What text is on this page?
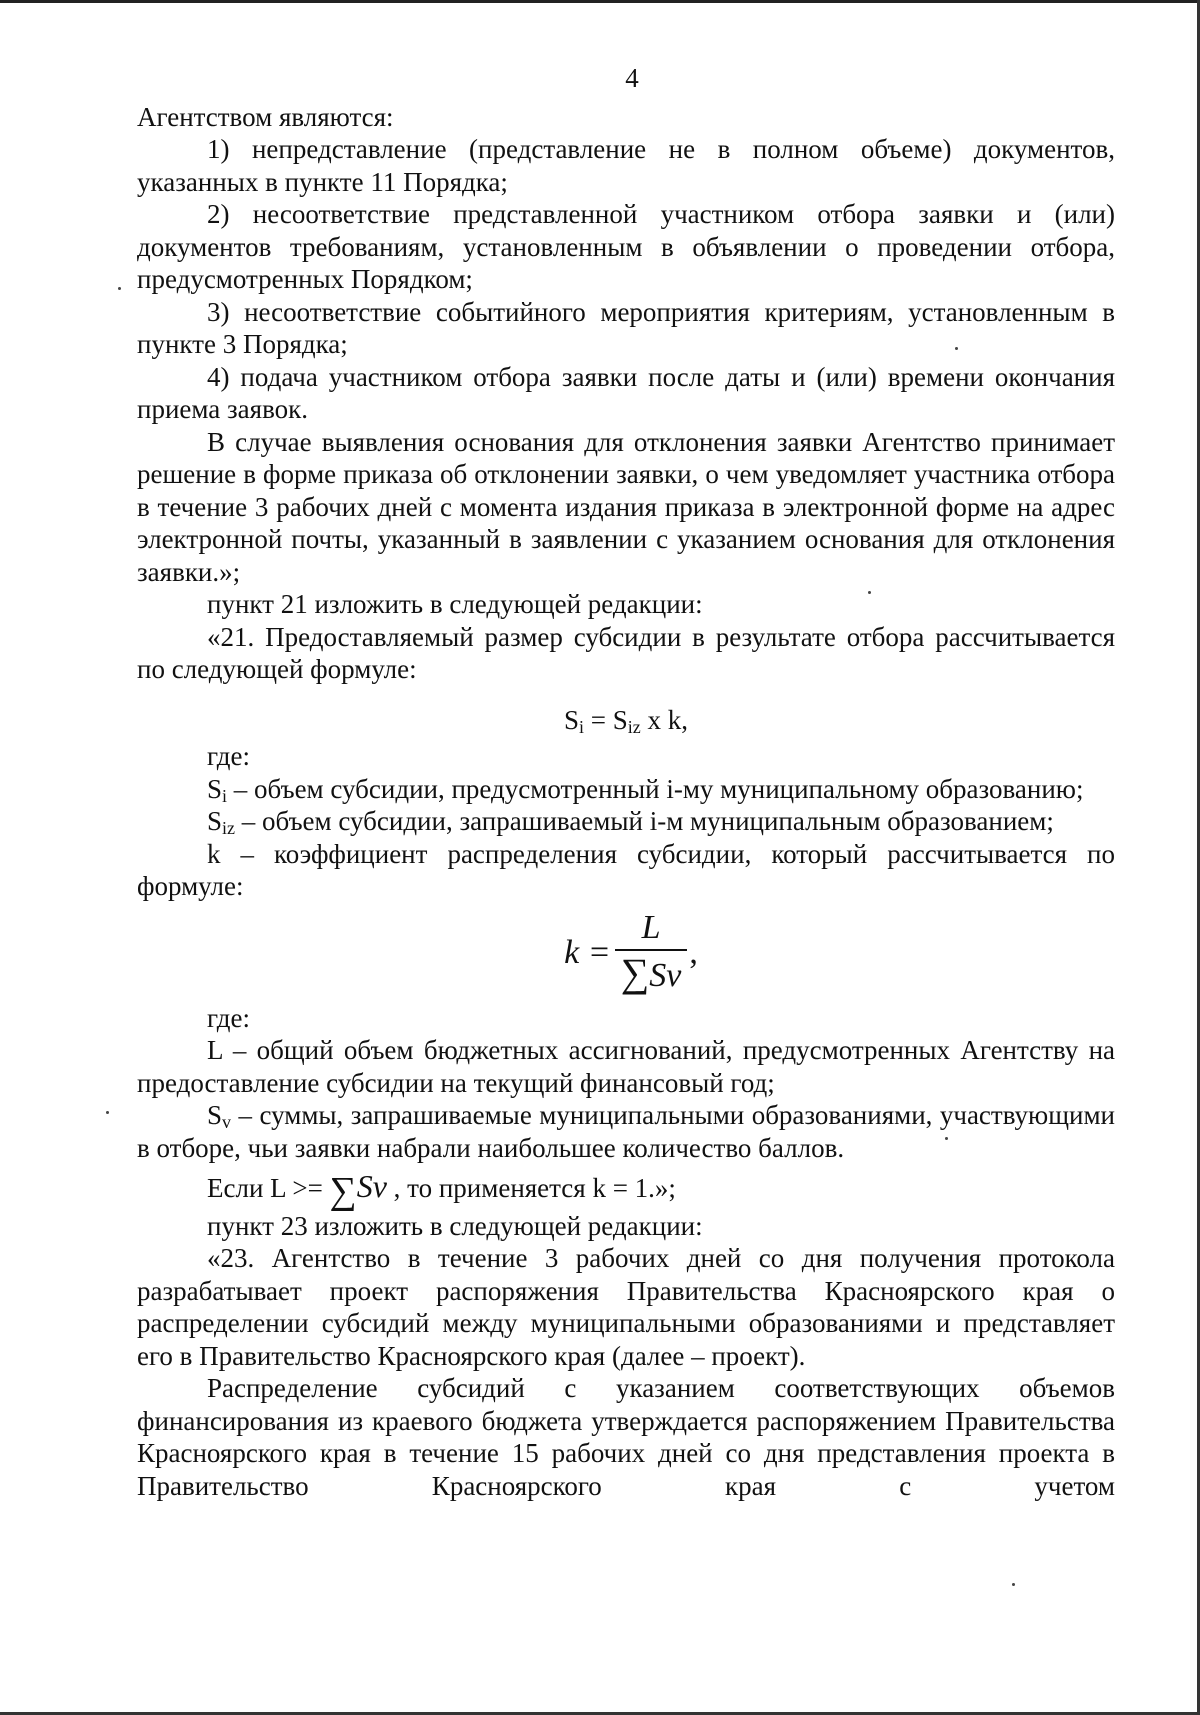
4

Агентством являются:

1) непредставление (представление не в полном объеме) документов, указанных в пункте 11 Порядка;

2) несоответствие представленной участником отбора заявки и (или) документов требованиям, установленным в объявлении о проведении отбора, предусмотренных Порядком;

3) несоответствие событийного мероприятия критериям, установленным в пункте 3 Порядка;

4) подача участником отбора заявки после даты и (или) времени окончания приема заявок.

В случае выявления основания для отклонения заявки Агентство принимает решение в форме приказа об отклонении заявки, о чем уведомляет участника отбора в течение 3 рабочих дней с момента издания приказа в электронной форме на адрес электронной почты, указанный в заявлении с указанием основания для отклонения заявки.»;

пункт 21 изложить в следующей редакции:

«21. Предоставляемый размер субсидии в результате отбора рассчитывается по следующей формуле:

$S_i = S_{iz}$ x k,

где:

$S_i$ – объем субсидии, предусмотренный i-му муниципальному образованию;

$S_{iz}$ – объем субсидии, запрашиваемый i-м муниципальным образованием;

k – коэффициент распределения субсидии, который рассчитывается по формуле:

$k = \frac{L}{\sum Sv}$ ,

где:

L – общий объем бюджетных ассигнований, предусмотренных Агентству на предоставление субсидии на текущий финансовый год;

$S_v$ – суммы, запрашиваемые муниципальными образованиями, участвующими в отборе, чьи заявки набрали наибольшее количество баллов.

Если L >= ∑Sv , то применяется k = 1.»;

пункт 23 изложить в следующей редакции:

«23. Агентство в течение 3 рабочих дней со дня получения протокола разрабатывает проект распоряжения Правительства Красноярского края о распределении субсидий между муниципальными образованиями и представляет его в Правительство Красноярского края (далее – проект).

Распределение субсидий с указанием соответствующих объемов финансирования из краевого бюджета утверждается распоряжением Правительства Красноярского края в течение 15 рабочих дней со дня представления проекта в Правительство Красноярского края с учетом
